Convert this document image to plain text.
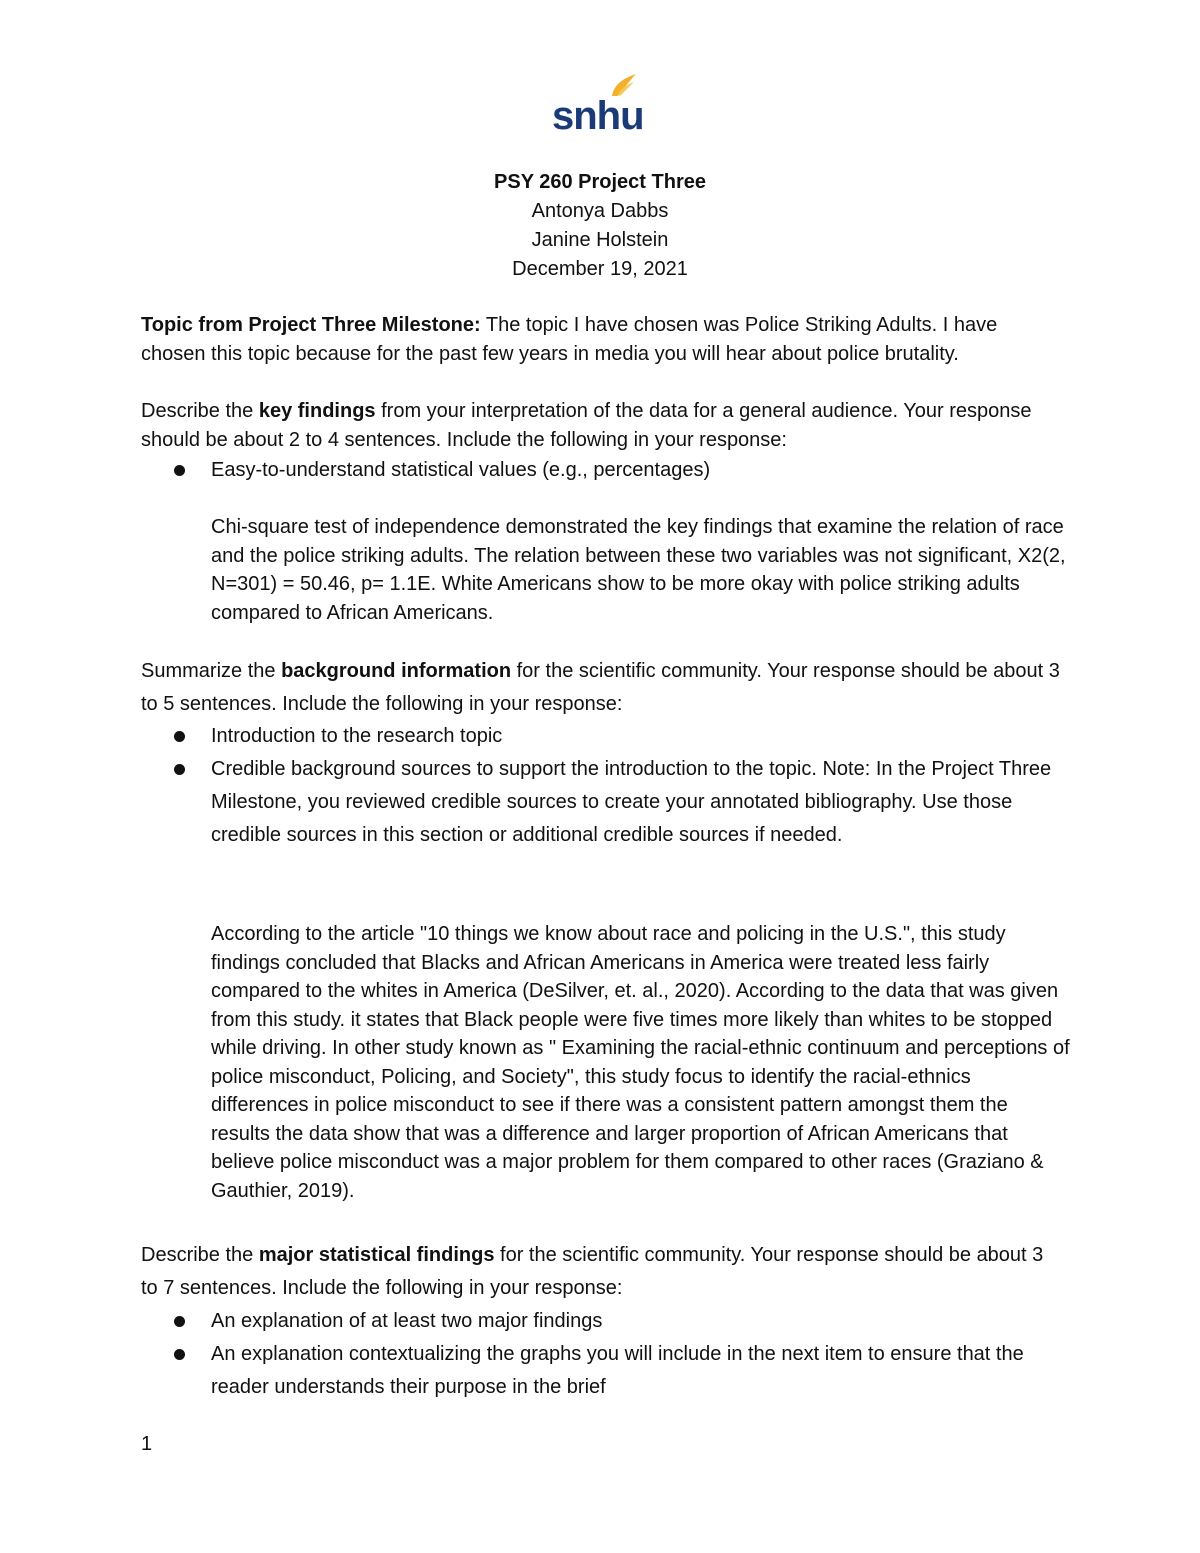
snhu
PSY 260 Project Three
Antonya Dabbs
Janine Holstein
December 19, 2021
Topic from Project Three Milestone: The topic I have chosen was Police Striking Adults. I have chosen this topic because for the past few years in media you will hear about police brutality.
Describe the key findings from your interpretation of the data for a general audience. Your response should be about 2 to 4 sentences. Include the following in your response:
Easy-to-understand statistical values (e.g., percentages)
Chi-square test of independence demonstrated the key findings that examine the relation of race and the police striking adults. The relation between these two variables was not significant, X2(2, N=301) = 50.46, p= 1.1E. White Americans show to be more okay with police striking adults compared to African Americans.
Summarize the background information for the scientific community. Your response should be about 3 to 5 sentences. Include the following in your response:
Introduction to the research topic
Credible background sources to support the introduction to the topic. Note: In the Project Three Milestone, you reviewed credible sources to create your annotated bibliography. Use those credible sources in this section or additional credible sources if needed.
According to the article "10 things we know about race and policing in the U.S.", this study findings concluded that Blacks and African Americans in America were treated less fairly compared to the whites in America (DeSilver, et. al., 2020). According to the data that was given from this study. it states that Black people were five times more likely than whites to be stopped while driving. In other study known as " Examining the racial-ethnic continuum and perceptions of police misconduct, Policing, and Society", this study focus to identify the racial-ethnics differences in police misconduct to see if there was a consistent pattern amongst them the results the data show that was a difference and larger proportion of African Americans that believe police misconduct was a major problem for them compared to other races (Graziano & Gauthier, 2019).
Describe the major statistical findings for the scientific community. Your response should be about 3 to 7 sentences. Include the following in your response:
An explanation of at least two major findings
An explanation contextualizing the graphs you will include in the next item to ensure that the reader understands their purpose in the brief
1
